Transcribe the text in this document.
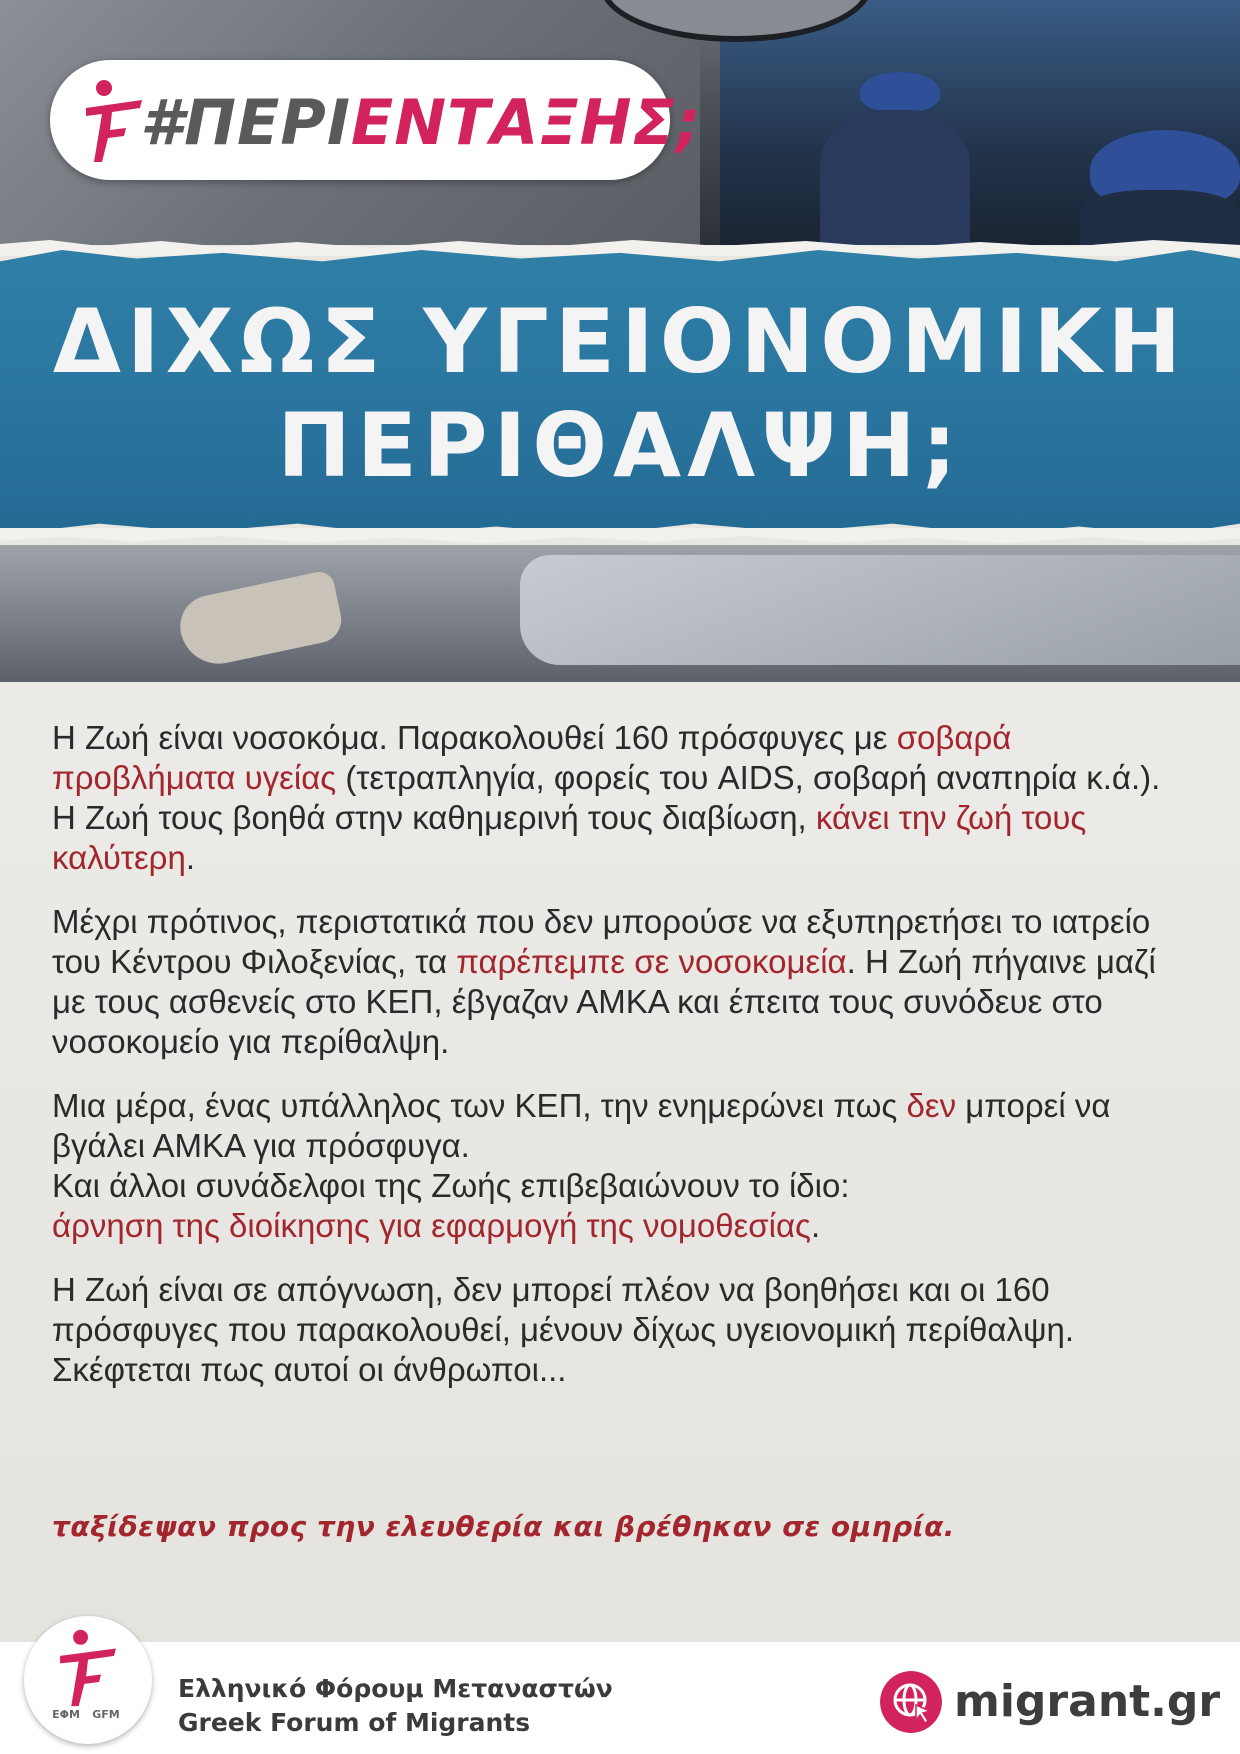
#ΠΕΡΙ ΕΝΤΑΞΗΣ;
ΔΙΧΩΣ ΥΓΕΙΟΝΟΜΙΚΗ
ΠΕΡΙΘΑΛΨΗ;

Η Ζωή είναι νοσοκόμα. Παρακολουθεί 160 πρόσφυγες με σοβαρά προβλήματα υγείας (τετραπληγία, φορείς του AIDS, σοβαρή αναπηρία κ.ά.). Η Ζωή τους βοηθά στην καθημερινή τους διαβίωση, κάνει την ζωή τους καλύτερη.

Μέχρι πρότινος, περιστατικά που δεν μπορούσε να εξυπηρετήσει το ιατρείο του Κέντρου Φιλοξενίας, τα παρέπεμπε σε νοσοκομεία. Η Ζωή πήγαινε μαζί με τους ασθενείς στο ΚΕΠ, έβγαζαν ΑΜΚΑ και έπειτα τους συνόδευε στο νοσοκομείο για περίθαλψη.

Μια μέρα, ένας υπάλληλος των ΚΕΠ, την ενημερώνει πως δεν μπορεί να βγάλει ΑΜΚΑ για πρόσφυγα.
Και άλλοι συνάδελφοι της Ζωής επιβεβαιώνουν το ίδιο:
άρνηση της διοίκησης για εφαρμογή της νομοθεσίας.

Η Ζωή είναι σε απόγνωση, δεν μπορεί πλέον να βοηθήσει και οι 160 πρόσφυγες που παρακολουθεί, μένουν δίχως υγειονομική περίθαλψη.
Σκέφτεται πως αυτοί οι άνθρωποι...

ταξίδεψαν προς την ελευθερία και βρέθηκαν σε ομηρία.
ΕΦΜ	GFM
Ελληνικό Φόρουμ Μεταναστών
Greek Forum of Migrants	migrant.gr
